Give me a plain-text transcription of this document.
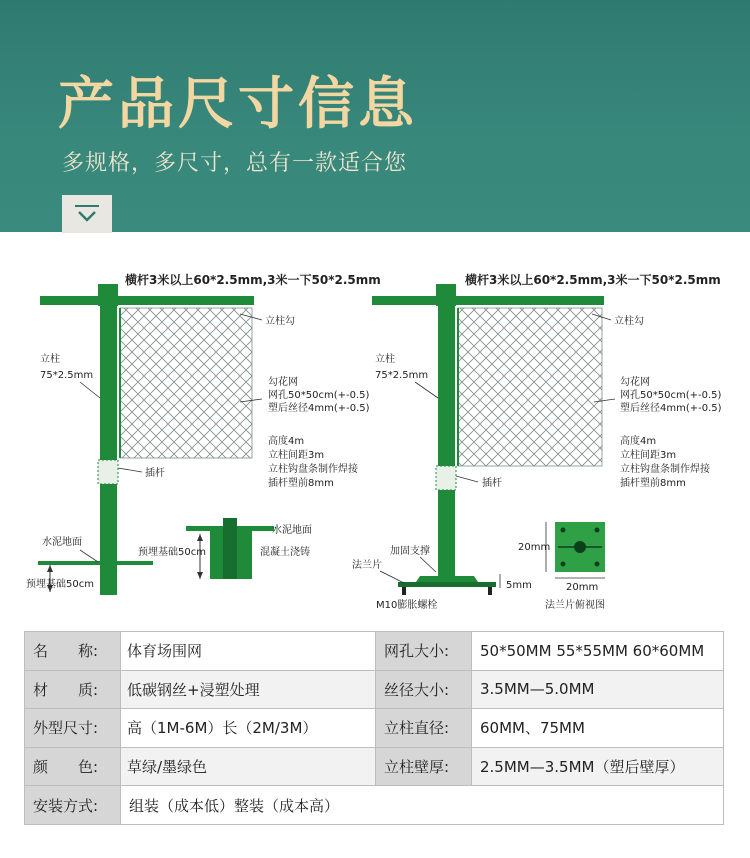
产品尺寸信息
多规格，多尺寸，总有一款适合您
横杆3米以上60*2.5mm,3米一下50*2.5mm
立柱勾
立柱
75*2.5mm
勾花网
网孔50*50cm(+-0.5)
塑后丝径4mm(+-0.5)
高度4m
立柱间距3m
立柱钩盘条制作焊接
插杆塑前8mm
插杆
水泥地面
预埋基础50cm
水泥地面
预埋基础50cm	混凝土浇铸
横杆3米以上60*2.5mm,3米一下50*2.5mm
立柱勾
立柱
75*2.5mm
勾花网
网孔50*50cm(+-0.5)
塑后丝径4mm(+-0.5)
高度4m
立柱间距3m
立柱钩盘条制作焊接
插杆塑前8mm
插杆
加固支撑
法兰片
5mm
M10膨胀螺栓
20mm
20mm
法兰片俯视图
名　　称:	体育场围网	网孔大小:	50*50MM 55*55MM 60*60MM
材　　质:	低碳钢丝+浸塑处理	丝径大小:	3.5MM—5.0MM
外型尺寸:	高（1M-6M）长（2M/3M）	立柱直径:	60MM、75MM
颜　　色:	草绿/墨绿色	立柱壁厚:	2.5MM—3.5MM（塑后壁厚）
安装方式:	组装（成本低）整装（成本高）		
